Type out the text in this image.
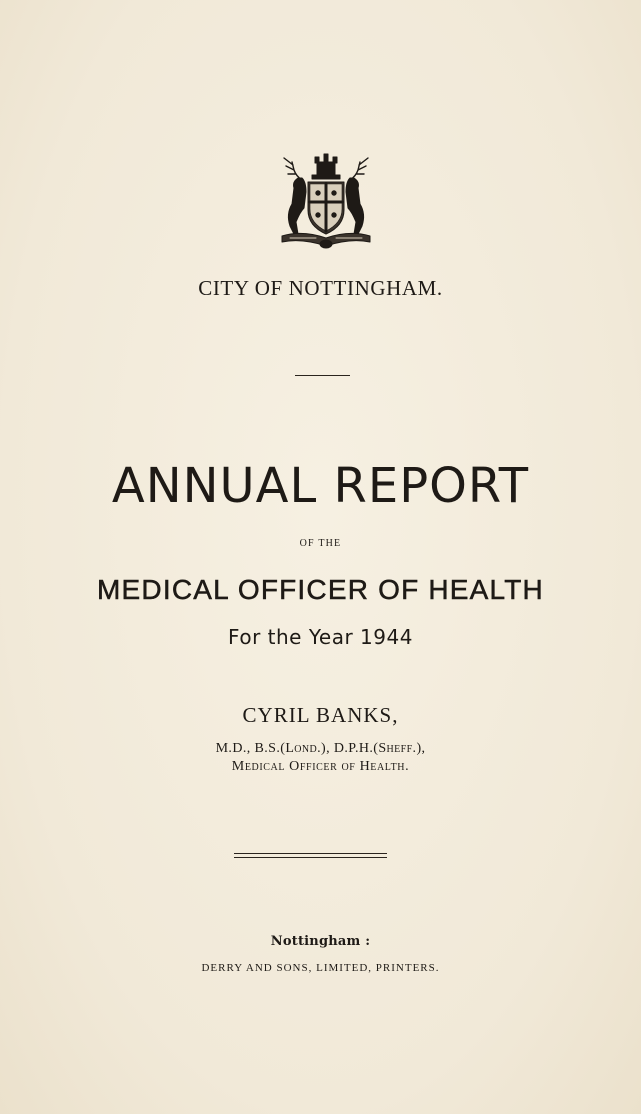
CITY OF NOTTINGHAM.
ANNUAL REPORT
OF THE
MEDICAL OFFICER OF HEALTH
For the Year 1944
CYRIL BANKS,
M.D., B.S.(Lond.), D.P.H.(Sheff.),
Medical Officer of Health.
Nottingham :
DERRY AND SONS, LIMITED, PRINTERS.
